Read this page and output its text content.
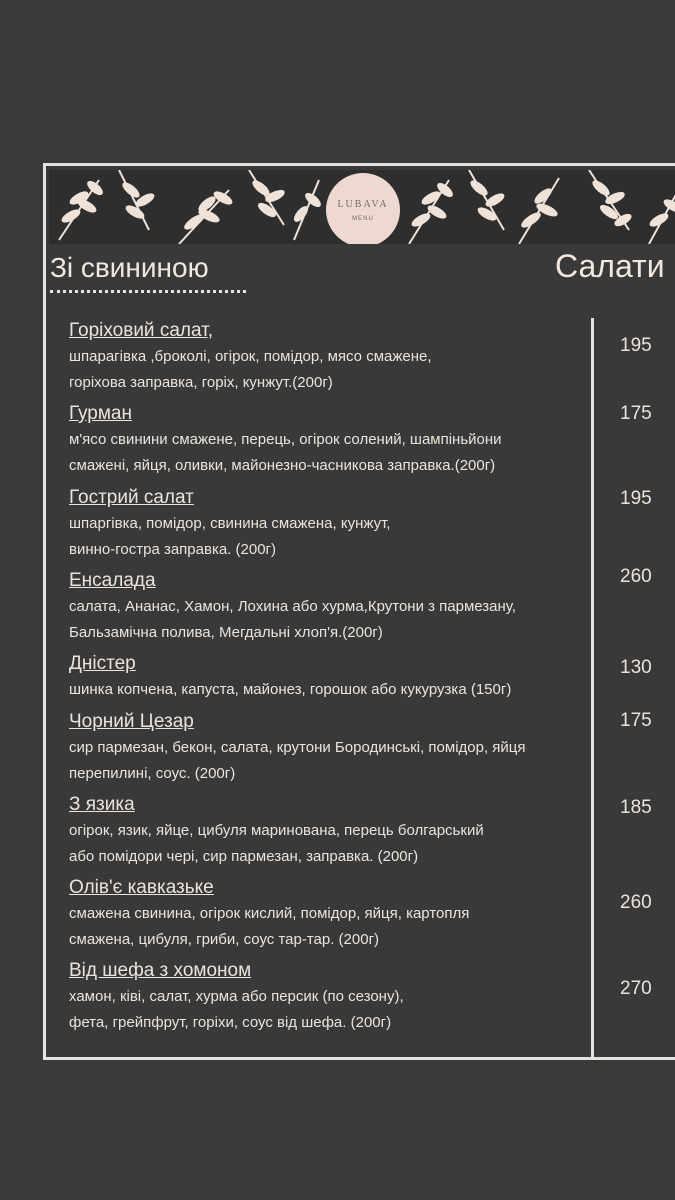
LUBAVA
MENU
Зі свининою	Салати
Горіховий салат,
шпарагівка ,броколі, огірок, помідор, мясо смажене,
горіхова заправка, горіх, кунжут.(200г)
195
Гурман
м'ясо свинини смажене, перець, огірок солений, шампіньйони
смажені, яйця, оливки, майонезно-часникова заправка.(200г)
175
Гострий салат
шпаргівка, помідор, свинина смажена, кунжут,
винно-гостра заправка. (200г)
195
Енсалада
салата, Ананас, Хамон, Лохина або хурма,Крутони з пармезану,
Бальзамічна полива, Мегдальні хлоп'я.(200г)
260
Дністер
шинка копчена, капуста, майонез, горошок або кукурузка (150г)
130
Чорний Цезар
сир пармезан, бекон, салата, крутони Бородинські, помідор, яйця
перепилині, соус. (200г)
175
З язика
огірок, язик, яйце, цибуля маринована, перець болгарський
або помідори чері, сир пармезан, заправка. (200г)
185
Олів'є кавказьке
смажена свинина, огірок кислий, помідор, яйця, картопля
смажена, цибуля, гриби, соус тар-тар. (200г)
260
Від шефа з хомоном
хамон, ківі, салат, хурма або персик (по сезону),
фета, грейпфрут, горіхи, соус від шефа. (200г)
270
